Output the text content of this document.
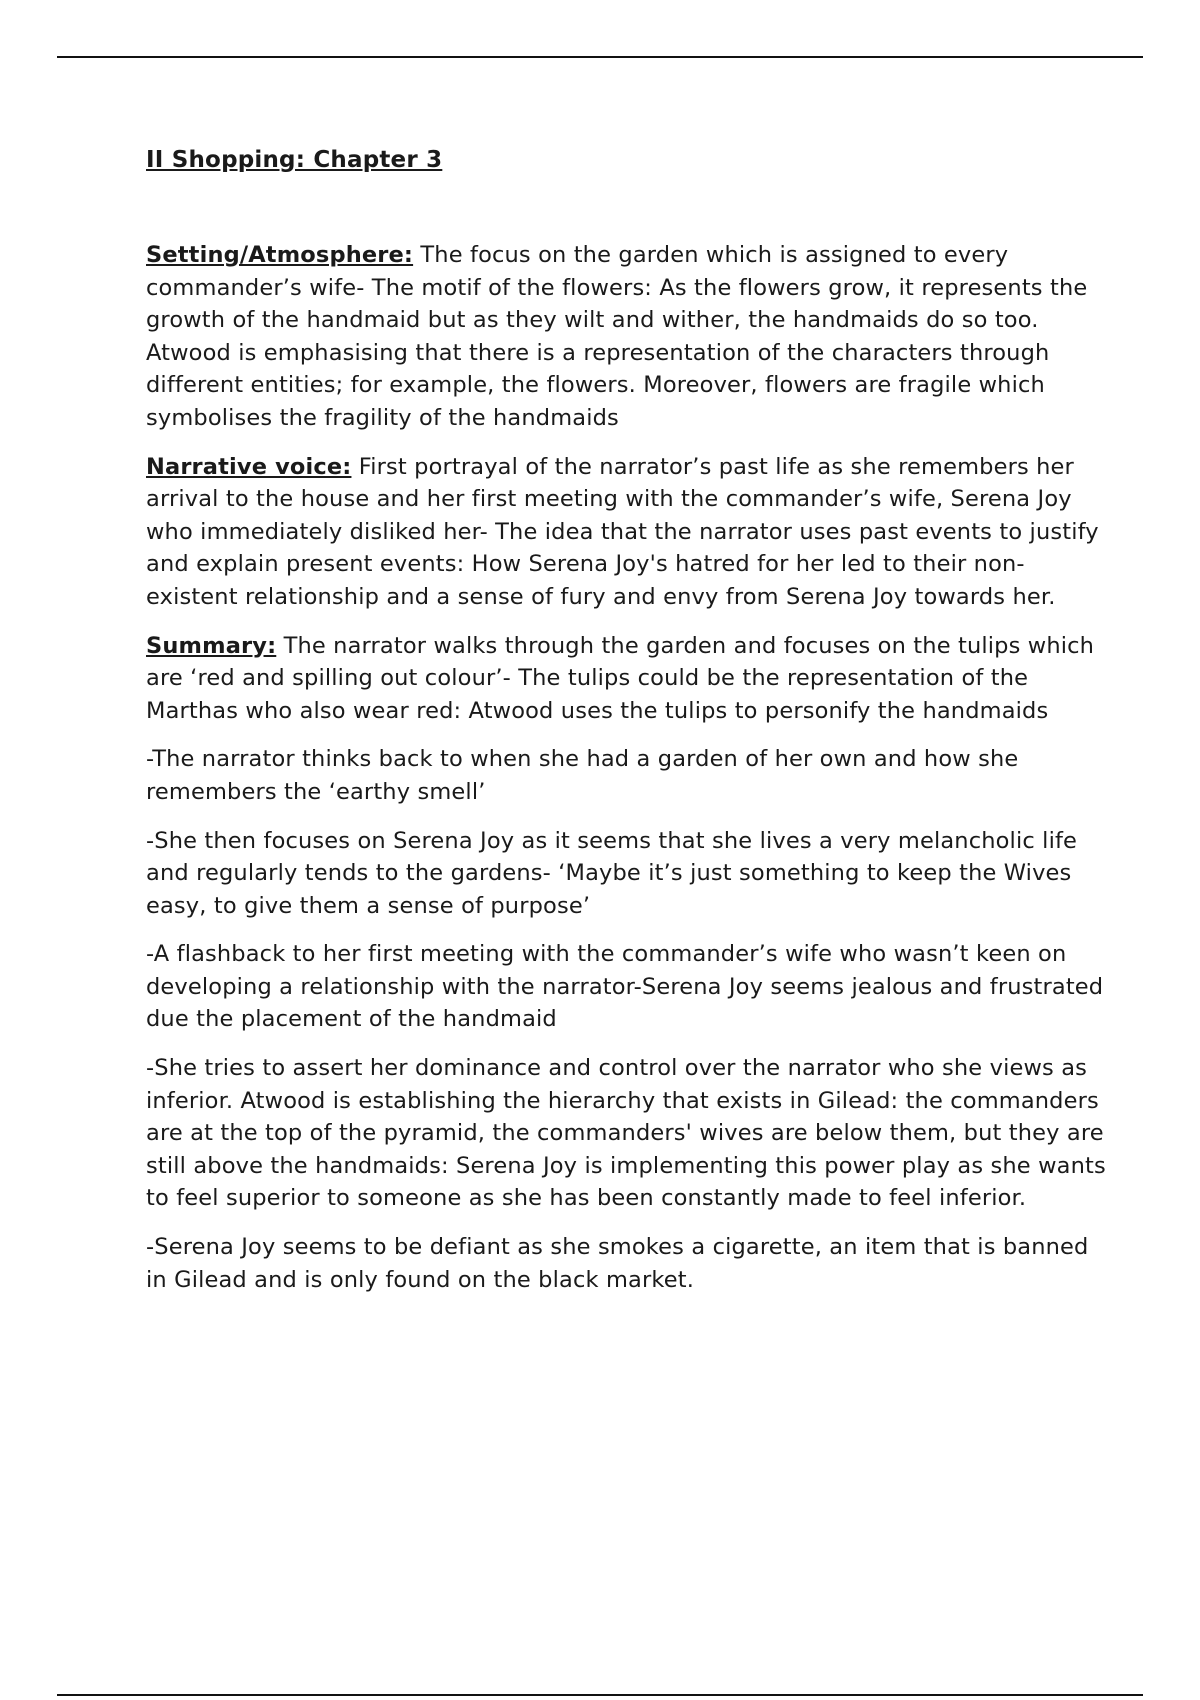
II Shopping: Chapter 3

Setting/Atmosphere: The focus on the garden which is assigned to every commander’s wife- The motif of the flowers: As the flowers grow, it represents the growth of the handmaid but as they wilt and wither, the handmaids do so too. Atwood is emphasising that there is a representation of the characters through different entities; for example, the flowers. Moreover, flowers are fragile which symbolises the fragility of the handmaids

Narrative voice: First portrayal of the narrator’s past life as she remembers her arrival to the house and her first meeting with the commander’s wife, Serena Joy who immediately disliked her- The idea that the narrator uses past events to justify and explain present events: How Serena Joy's hatred for her led to their non-existent relationship and a sense of fury and envy from Serena Joy towards her.

Summary: The narrator walks through the garden and focuses on the tulips which are ‘red and spilling out colour’- The tulips could be the representation of the Marthas who also wear red: Atwood uses the tulips to personify the handmaids

-The narrator thinks back to when she had a garden of her own and how she remembers the ‘earthy smell’

-She then focuses on Serena Joy as it seems that she lives a very melancholic life and regularly tends to the gardens- ‘Maybe it’s just something to keep the Wives easy, to give them a sense of purpose’

-A flashback to her first meeting with the commander’s wife who wasn’t keen on developing a relationship with the narrator-Serena Joy seems jealous and frustrated due the placement of the handmaid

-She tries to assert her dominance and control over the narrator who she views as inferior. Atwood is establishing the hierarchy that exists in Gilead: the commanders are at the top of the pyramid, the commanders' wives are below them, but they are still above the handmaids: Serena Joy is implementing this power play as she wants to feel superior to someone as she has been constantly made to feel inferior.

-Serena Joy seems to be defiant as she smokes a cigarette, an item that is banned in Gilead and is only found on the black market.
